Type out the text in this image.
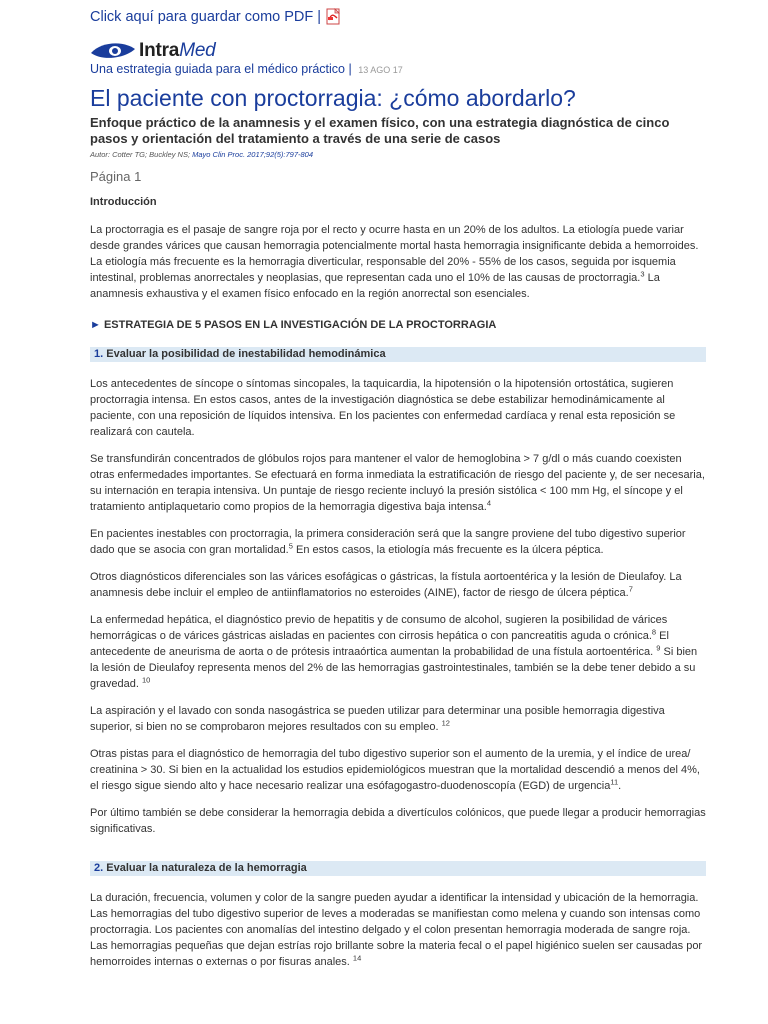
Click aquí para guardar como PDF |
IntraMed
Una estrategia guiada para el médico práctico | 13 AGO 17
El paciente con proctorragia: ¿cómo abordarlo?
Enfoque práctico de la anamnesis y el examen físico, con una estrategia diagnóstica de cinco pasos y orientación del tratamiento a través de una serie de casos
Autor: Cotter TG; Buckley NS; Mayo Clin Proc. 2017;92(5):797-804
Página 1

Introducción

La proctorragia es el pasaje de sangre roja por el recto y ocurre hasta en un 20% de los adultos. La etiología puede variar desde grandes várices que causan hemorragia potencialmente mortal hasta hemorragia insignificante debida a hemorroides. La etiología más frecuente es la hemorragia diverticular, responsable del 20% - 55% de los casos, seguida por isquemia intestinal, problemas anorrectales y neoplasias, que representan cada uno el 10% de las causas de proctorragia.$^3$ La anamnesis exhaustiva y el examen físico enfocado en la región anorrectal son esenciales.

► ESTRATEGIA DE 5 PASOS EN LA INVESTIGACIÓN DE LA PROCTORRAGIA

1. Evaluar la posibilidad de inestabilidad hemodinámica

Los antecedentes de síncope o síntomas sincopales, la taquicardia, la hipotensión o la hipotensión ortostática, sugieren proctorragia intensa. En estos casos, antes de la investigación diagnóstica se debe estabilizar hemodinámicamente al paciente, con una reposición de líquidos intensiva. En los pacientes con enfermedad cardíaca y renal esta reposición se realizará con cautela.

Se transfundirán concentrados de glóbulos rojos para mantener el valor de hemoglobina > 7 g/dl o más cuando coexisten otras enfermedades importantes. Se efectuará en forma inmediata la estratificación de riesgo del paciente y, de ser necesaria, su internación en terapia intensiva. Un puntaje de riesgo reciente incluyó la presión sistólica < 100 mm Hg, el síncope y el tratamiento antiplaquetario como propios de la hemorragia digestiva baja intensa.$^4$

En pacientes inestables con proctorragia, la primera consideración será que la sangre proviene del tubo digestivo superior dado que se asocia con gran mortalidad.$^5$ En estos casos, la etiología más frecuente es la úlcera péptica.

Otros diagnósticos diferenciales son las várices esofágicas o gástricas, la fístula aortoentérica y la lesión de Dieulafoy. La anamnesis debe incluir el empleo de antiinflamatorios no esteroides (AINE), factor de riesgo de úlcera péptica.$^7$

La enfermedad hepática, el diagnóstico previo de hepatitis y de consumo de alcohol, sugieren la posibilidad de várices hemorrágicas o de várices gástricas aisladas en pacientes con cirrosis hepática o con pancreatitis aguda o crónica.$^8$ El antecedente de aneurisma de aorta o de prótesis intraaórtica aumentan la probabilidad de una fístula aortoentérica. $^9$ Si bien la lesión de Dieulafoy representa menos del 2% de las hemorragias gastrointestinales, también se la debe tener debido a su gravedad. $^{10}$

La aspiración y el lavado con sonda nasogástrica se pueden utilizar para determinar una posible hemorragia digestiva superior, si bien no se comprobaron mejores resultados con su empleo. $^{12}$

Otras pistas para el diagnóstico de hemorragia del tubo digestivo superior son el aumento de la uremia, y el índice de urea/ creatinina > 30. Si bien en la actualidad los estudios epidemiológicos muestran que la mortalidad descendió a menos del 4%, el riesgo sigue siendo alto y hace necesario realizar una esófagogastro-duodenoscopía (EGD) de urgencia$^{11}$.

Por último también se debe considerar la hemorragia debida a divertículos colónicos, que puede llegar a producir hemorragias significativas.

2. Evaluar la naturaleza de la hemorragia

La duración, frecuencia, volumen y color de la sangre pueden ayudar a identificar la intensidad y ubicación de la hemorragia. Las hemorragias del tubo digestivo superior de leves a moderadas se manifiestan como melena y cuando son intensas como proctorragia. Los pacientes con anomalías del intestino delgado y el colon presentan hemorragia moderada de sangre roja. Las hemorragias pequeñas que dejan estrías rojo brillante sobre la materia fecal o el papel higiénico suelen ser causadas por hemorroides internas o externas o por fisuras anales. $^{14}$
